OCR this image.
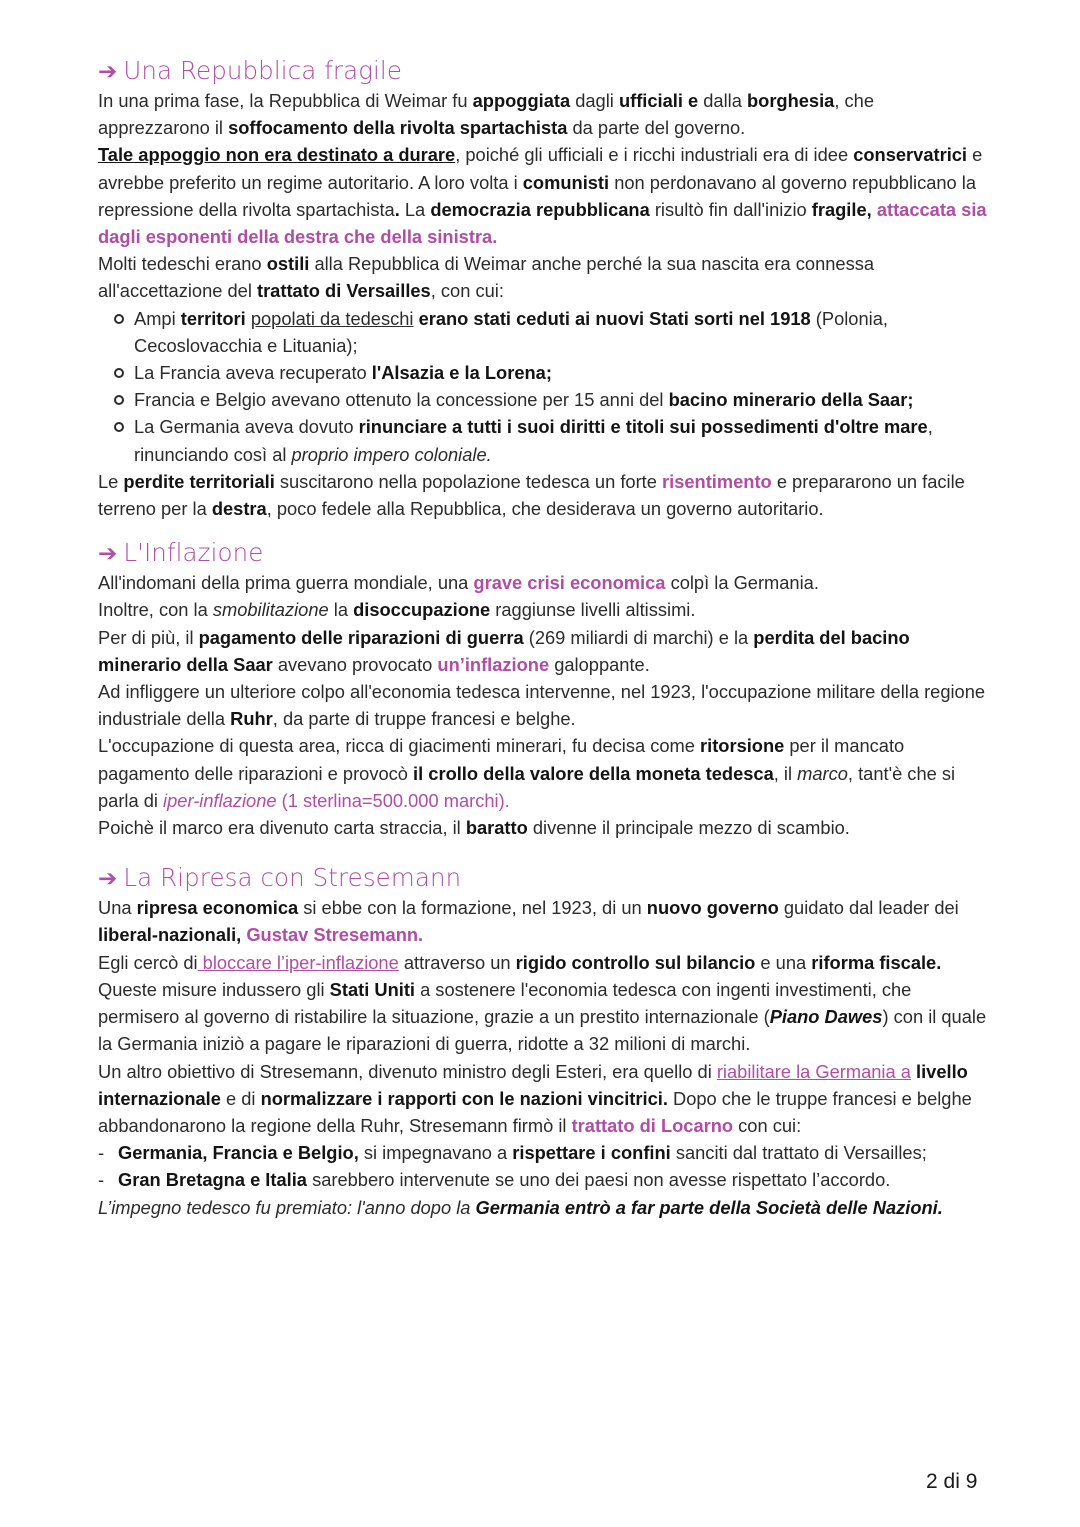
➔ Una Repubblica fragile

In una prima fase, la Repubblica di Weimar fu appoggiata dagli ufficiali e dalla borghesia, che apprezzarono il soffocamento della rivolta spartachista da parte del governo.

Tale appoggio non era destinato a durare, poiché gli ufficiali e i ricchi industriali era di idee conservatrici e avrebbe preferito un regime autoritario. A loro volta i comunisti non perdonavano al governo repubblicano la repressione della rivolta spartachista. La democrazia repubblicana risultò fin dall'inizio fragile, attaccata sia dagli esponenti della destra che della sinistra.

Molti tedeschi erano ostili alla Repubblica di Weimar anche perché la sua nascita era connessa all'accettazione del trattato di Versailles, con cui:

Ampi territori popolati da tedeschi erano stati ceduti ai nuovi Stati sorti nel 1918 (Polonia, Cecoslovacchia e Lituania);
La Francia aveva recuperato l'Alsazia e la Lorena;
Francia e Belgio avevano ottenuto la concessione per 15 anni del bacino minerario della Saar;
La Germania aveva dovuto rinunciare a tutti i suoi diritti e titoli sui possedimenti d'oltre mare, rinunciando così al proprio impero coloniale.

Le perdite territoriali suscitarono nella popolazione tedesca un forte risentimento e prepararono un facile terreno per la destra, poco fedele alla Repubblica, che desiderava un governo autoritario.

➔ L'Inflazione

All'indomani della prima guerra mondiale, una grave crisi economica colpì la Germania.

Inoltre, con la smobilitazione la disoccupazione raggiunse livelli altissimi.

Per di più, il pagamento delle riparazioni di guerra (269 miliardi di marchi) e la perdita del bacino minerario della Saar avevano provocato un’inflazione galoppante.

Ad infliggere un ulteriore colpo all'economia tedesca intervenne, nel 1923, l'occupazione militare della regione industriale della Ruhr, da parte di truppe francesi e belghe.

L'occupazione di questa area, ricca di giacimenti minerari, fu decisa come ritorsione per il mancato pagamento delle riparazioni e provocò il crollo della valore della moneta tedesca, il marco, tant'è che si parla di iper-inflazione (1 sterlina=500.000 marchi).

Poichè il marco era divenuto carta straccia, il baratto divenne il principale mezzo di scambio.

➔ La Ripresa con Stresemann

Una ripresa economica si ebbe con la formazione, nel 1923, di un nuovo governo guidato dal leader dei liberal-nazionali, Gustav Stresemann.

Egli cercò di bloccare l’iper-inflazione attraverso un rigido controllo sul bilancio e una riforma fiscale.

Queste misure indussero gli Stati Uniti a sostenere l'economia tedesca con ingenti investimenti, che permisero al governo di ristabilire la situazione, grazie a un prestito internazionale (Piano Dawes) con il quale la Germania iniziò a pagare le riparazioni di guerra, ridotte a 32 milioni di marchi.

Un altro obiettivo di Stresemann, divenuto ministro degli Esteri, era quello di riabilitare la Germania a livello internazionale e di normalizzare i rapporti con le nazioni vincitrici. Dopo che le truppe francesi e belghe abbandonarono la regione della Ruhr, Stresemann firmò il trattato di Locarno con cui:

- Germania, Francia e Belgio, si impegnavano a rispettare i confini sanciti dal trattato di Versailles;
- Gran Bretagna e Italia sarebbero intervenute se uno dei paesi non avesse rispettato l’accordo.

L’impegno tedesco fu premiato: l'anno dopo la Germania entrò a far parte della Società delle Nazioni.

2 di 9
